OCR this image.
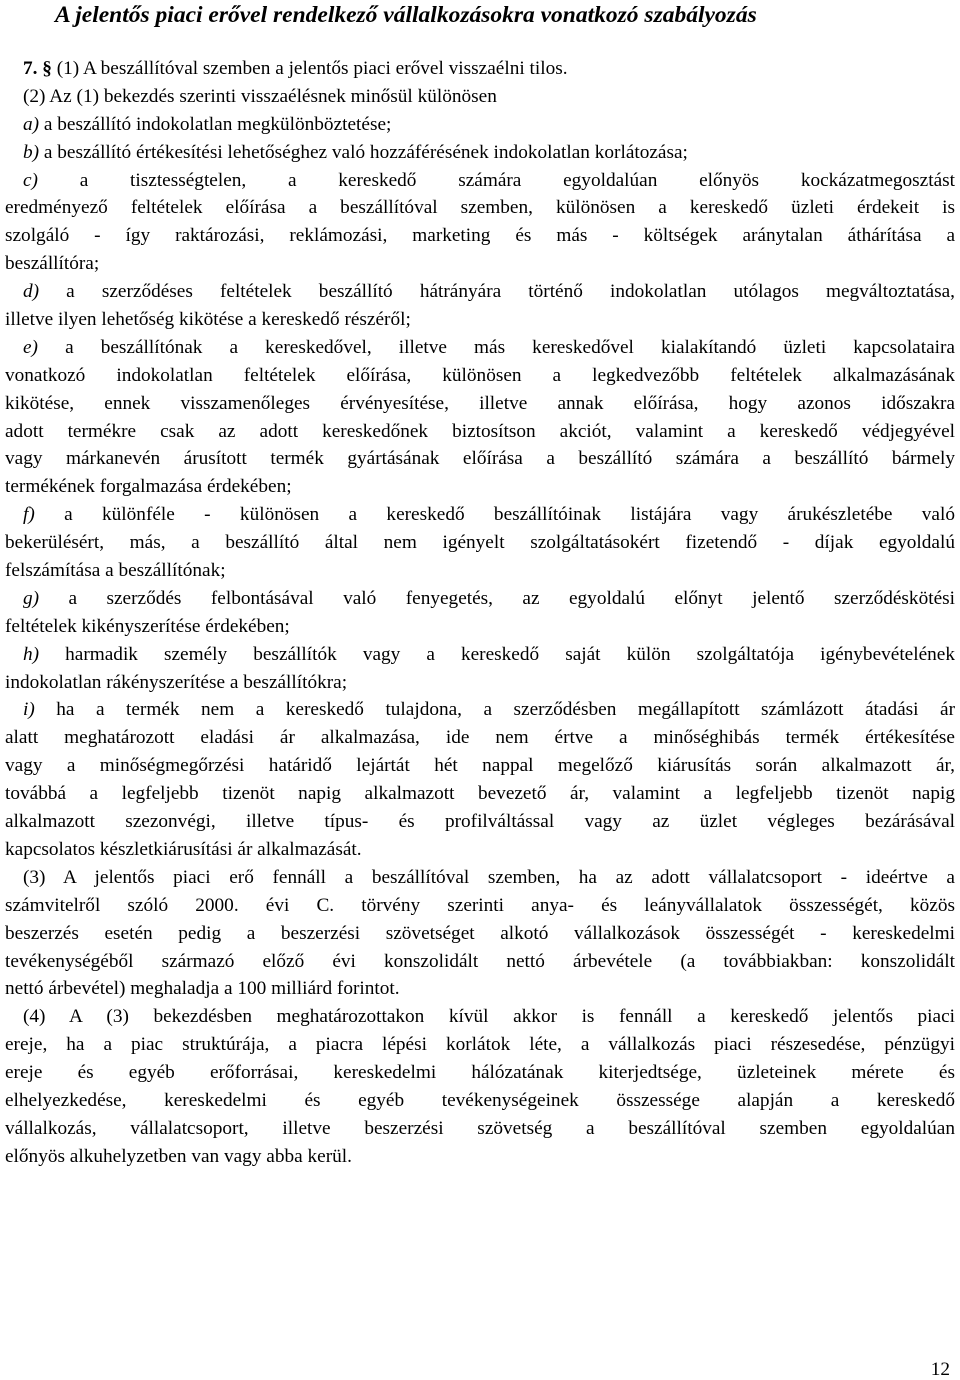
A jelentős piaci erővel rendelkező vállalkozásokra vonatkozó szabályozás
7. § (1) A beszállítóval szemben a jelentős piaci erővel visszaélni tilos.
(2) Az (1) bekezdés szerinti visszaélésnek minősül különösen
a) a beszállító indokolatlan megkülönböztetése;
b) a beszállító értékesítési lehetőséghez való hozzáférésének indokolatlan korlátozása;
c) a tisztességtelen, a kereskedő számára egyoldalúan előnyös kockázatmegosztást
eredményező feltételek előírása a beszállítóval szemben, különösen a kereskedő üzleti érdekeit is
szolgáló - így raktározási, reklámozási, marketing és más - költségek aránytalan áthárítása a
beszállítóra;
d) a szerződéses feltételek beszállító hátrányára történő indokolatlan utólagos megváltoztatása,
illetve ilyen lehetőség kikötése a kereskedő részéről;
e) a beszállítónak a kereskedővel, illetve más kereskedővel kialakítandó üzleti kapcsolataira
vonatkozó indokolatlan feltételek előírása, különösen a legkedvezőbb feltételek alkalmazásának
kikötése, ennek visszamenőleges érvényesítése, illetve annak előírása, hogy azonos időszakra
adott termékre csak az adott kereskedőnek biztosítson akciót, valamint a kereskedő védjegyével
vagy márkanevén árusított termék gyártásának előírása a beszállító számára a beszállító bármely
termékének forgalmazása érdekében;
f) a különféle - különösen a kereskedő beszállítóinak listájára vagy árukészletébe való
bekerülésért, más, a beszállító által nem igényelt szolgáltatásokért fizetendő - díjak egyoldalú
felszámítása a beszállítónak;
g) a szerződés felbontásával való fenyegetés, az egyoldalú előnyt jelentő szerződéskötési
feltételek kikényszerítése érdekében;
h) harmadik személy beszállítók vagy a kereskedő saját külön szolgáltatója igénybevételének
indokolatlan rákényszerítése a beszállítókra;
i) ha a termék nem a kereskedő tulajdona, a szerződésben megállapított számlázott átadási ár
alatt meghatározott eladási ár alkalmazása, ide nem értve a minőséghibás termék értékesítése
vagy a minőségmegőrzési határidő lejártát hét nappal megelőző kiárusítás során alkalmazott ár,
továbbá a legfeljebb tizenöt napig alkalmazott bevezető ár, valamint a legfeljebb tizenöt napig
alkalmazott szezonvégi, illetve típus- és profilváltással vagy az üzlet végleges bezárásával
kapcsolatos készletkiárusítási ár alkalmazását.
(3) A jelentős piaci erő fennáll a beszállítóval szemben, ha az adott vállalatcsoport - ideértve a
számvitelről szóló 2000. évi C. törvény szerinti anya- és leányvállalatok összességét, közös
beszerzés esetén pedig a beszerzési szövetséget alkotó vállalkozások összességét - kereskedelmi
tevékenységéből származó előző évi konszolidált nettó árbevétele (a továbbiakban: konszolidált
nettó árbevétel) meghaladja a 100 milliárd forintot.
(4) A (3) bekezdésben meghatározottakon kívül akkor is fennáll a kereskedő jelentős piaci
ereje, ha a piac struktúrája, a piacra lépési korlátok léte, a vállalkozás piaci részesedése, pénzügyi
ereje és egyéb erőforrásai, kereskedelmi hálózatának kiterjedtsége, üzleteinek mérete és
elhelyezkedése, kereskedelmi és egyéb tevékenységeinek összessége alapján a kereskedő
vállalkozás, vállalatcsoport, illetve beszerzési szövetség a beszállítóval szemben egyoldalúan
előnyös alkuhelyzetben van vagy abba kerül.
12
